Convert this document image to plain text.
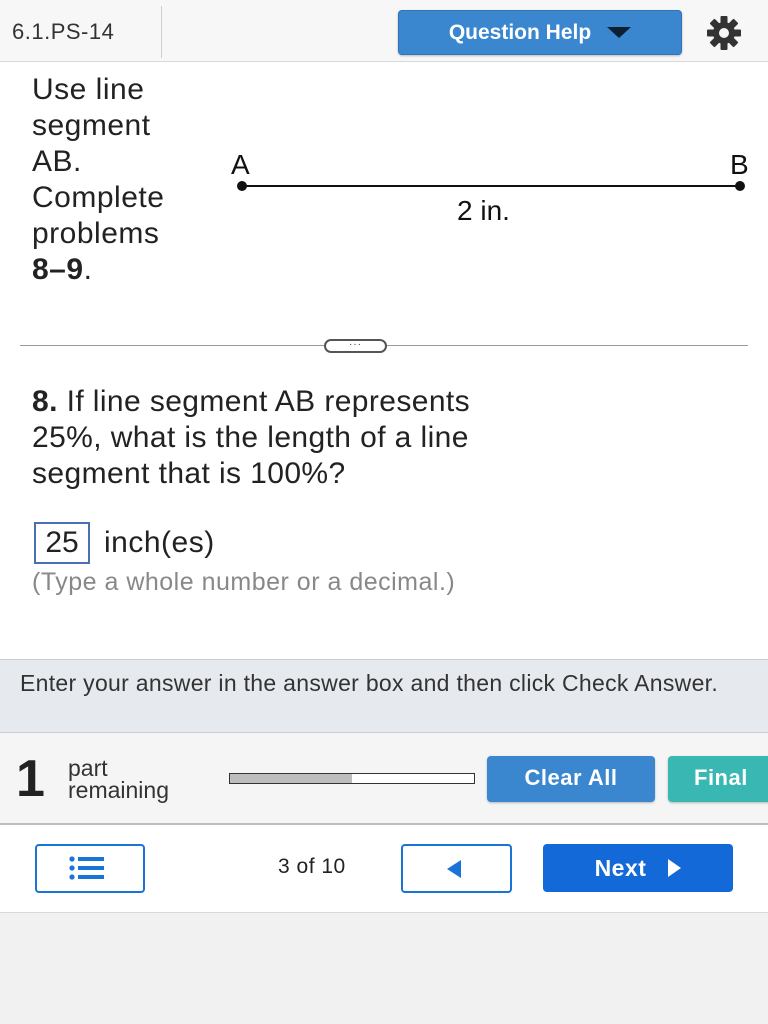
6.1.PS-14	Question Help
Use line
segment
AB.
Complete
problems
8–9.
A	B
2 in.
···
8. If line segment AB represents
25%, what is the length of a line
segment that is 100%?
25 inch(es)
(Type a whole number or a decimal.)
Enter your answer in the answer box and then click Check Answer.
1 part
remaining	Clear All	Final
3 of 10	Next
